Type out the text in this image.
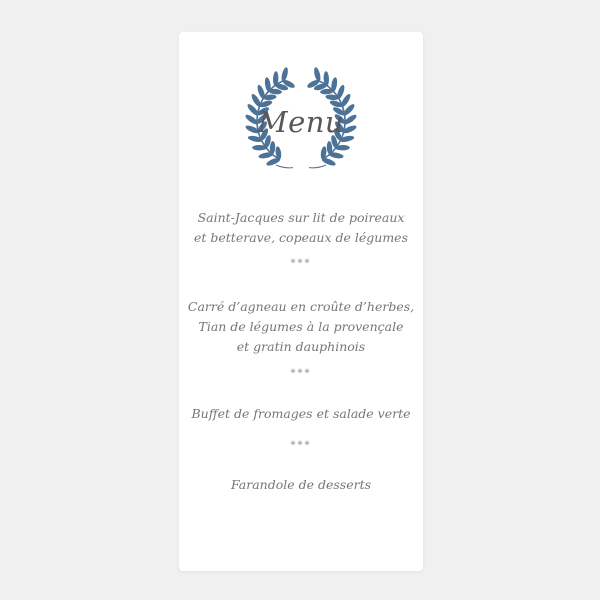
Menu
Saint-Jacques sur lit de poireaux
et betterave, copeaux de légumes
***
Carré d’agneau en croûte d’herbes,
Tian de légumes à la provençale
et gratin dauphinois
***
Buffet de fromages et salade verte
***
Farandole de desserts
